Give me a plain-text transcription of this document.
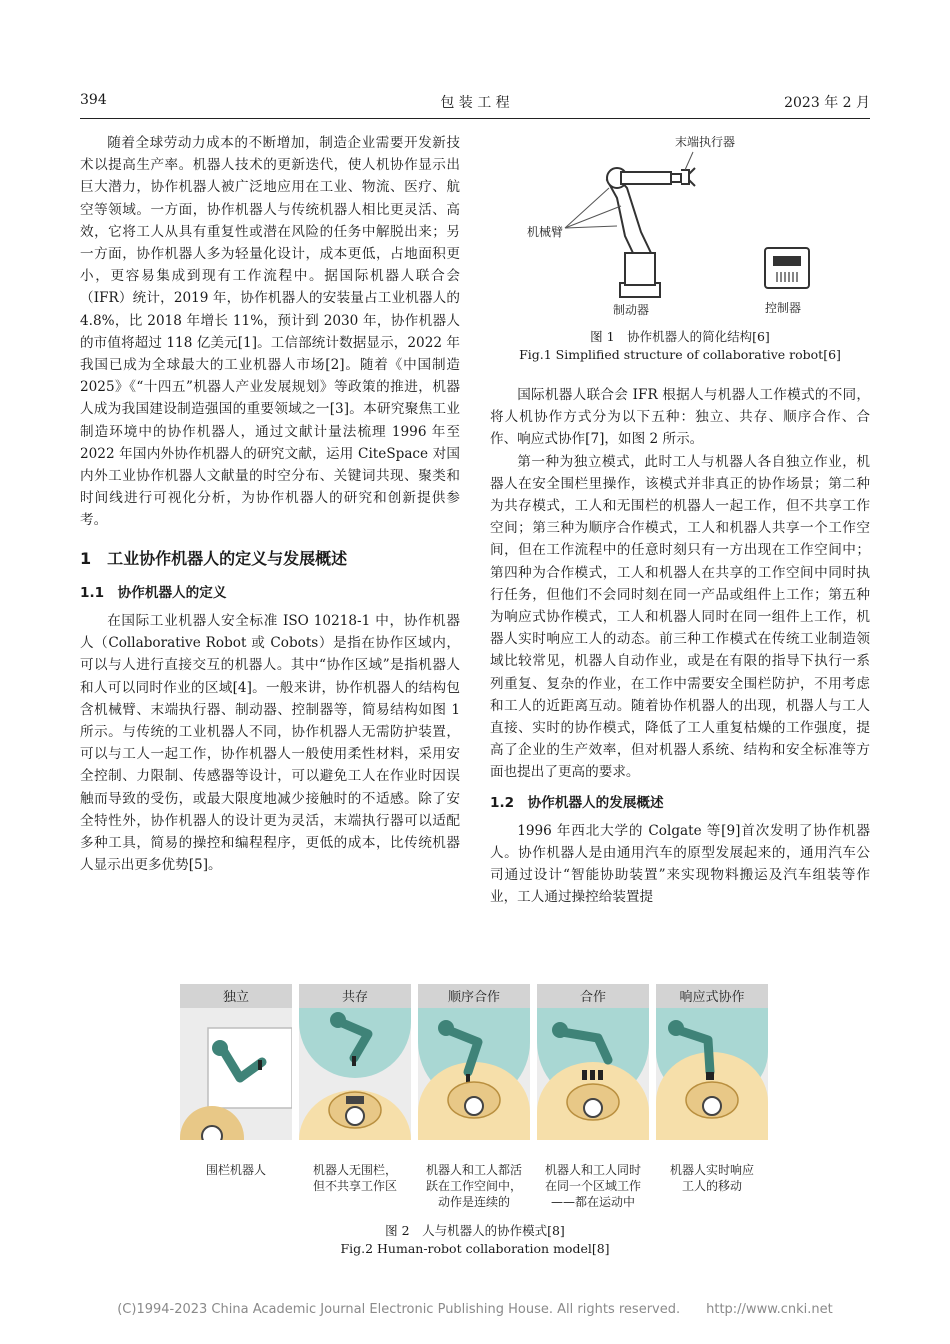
394	包 装 工 程	2023 年 2 月

随着全球劳动力成本的不断增加，制造企业需要开发新技术以提高生产率。机器人技术的更新迭代，使人机协作显示出巨大潜力，协作机器人被广泛地应用在工业、物流、医疗、航空等领域。一方面，协作机器人与传统机器人相比更灵活、高效，它将工人从具有重复性或潜在风险的任务中解脱出来；另一方面，协作机器人多为轻量化设计，成本更低，占地面积更小，更容易集成到现有工作流程中。据国际机器人联合会（IFR）统计，2019 年，协作机器人的安装量占工业机器人的 4.8%，比 2018 年增长 11%，预计到 2030 年，协作机器人的市值将超过 118 亿美元[1]。工信部统计数据显示，2022 年我国已成为全球最大的工业机器人市场[2]。随着《中国制造 2025》《“十四五”机器人产业发展规划》等政策的推进，机器人成为我国建设制造强国的重要领域之一[3]。本研究聚焦工业制造环境中的协作机器人，通过文献计量法梳理 1996 年至 2022 年国内外协作机器人的研究文献，运用 CiteSpace 对国内外工业协作机器人文献量的时空分布、关键词共现、聚类和时间线进行可视化分析，为协作机器人的研究和创新提供参考。

1　工业协作机器人的定义与发展概述
1.1　协作机器人的定义

在国际工业机器人安全标准 ISO 10218-1 中，协作机器人（Collaborative Robot 或 Cobots）是指在协作区域内，可以与人进行直接交互的机器人。其中“协作区域”是指机器人和人可以同时作业的区域[4]。一般来讲，协作机器人的结构包含机械臂、末端执行器、制动器、控制器等，简易结构如图 1 所示。与传统的工业机器人不同，协作机器人无需防护装置，可以与工人一起工作，协作机器人一般使用柔性材料，采用安全控制、力限制、传感器等设计，可以避免工人在作业时因误触而导致的受伤，或最大限度地减少接触时的不适感。除了安全特性外，协作机器人的设计更为灵活，末端执行器可以适配多种工具，简易的操控和编程程序，更低的成本，比传统机器人显示出更多优势[5]。

末端执行器
机械臂
制动器	控制器
图 1　协作机器人的简化结构[6]
Fig.1 Simplified structure of collaborative robot[6]

国际机器人联合会 IFR 根据人与机器人工作模式的不同，将人机协作方式分为以下五种：独立、共存、顺序合作、合作、响应式协作[7]，如图 2 所示。

第一种为独立模式，此时工人与机器人各自独立作业，机器人在安全围栏里操作，该模式并非真正的协作场景；第二种为共存模式，工人和无围栏的机器人一起工作，但不共享工作空间；第三种为顺序合作模式，工人和机器人共享一个工作空间，但在工作流程中的任意时刻只有一方出现在工作空间中；第四种为合作模式，工人和机器人在共享的工作空间中同时执行任务，但他们不会同时刻在同一产品或组件上工作；第五种为响应式协作模式，工人和机器人同时在同一组件上工作，机器人实时响应工人的动态。前三种工作模式在传统工业制造领域比较常见，机器人自动作业，或是在有限的指导下执行一系列重复、复杂的作业，在工作中需要安全围栏防护，不用考虑和工人的近距离互动。随着协作机器人的出现，机器人与工人直接、实时的协作模式，降低了工人重复枯燥的工作强度，提高了企业的生产效率，但对机器人系统、结构和安全标准等方面也提出了更高的要求。

1.2　协作机器人的发展概述

1996 年西北大学的 Colgate 等[9]首次发明了协作机器人。协作机器人是由通用汽车的原型发展起来的，通用汽车公司通过设计“智能协助装置”来实现物料搬运及汽车组装等作业，工人通过操控给装置提

独立
围栏机器人
共存
机器人无围栏，
但不共享工作区
顺序合作
机器人和工人都活
跃在工作空间中，
动作是连续的
合作
机器人和工人同时
在同一个区域工作
——都在运动中
响应式协作
机器人实时响应
工人的移动
图 2　人与机器人的协作模式[8]
Fig.2 Human-robot collaboration model[8]
(C)1994-2023 China Academic Journal Electronic Publishing House. All rights reserved.　　http://www.cnki.net
